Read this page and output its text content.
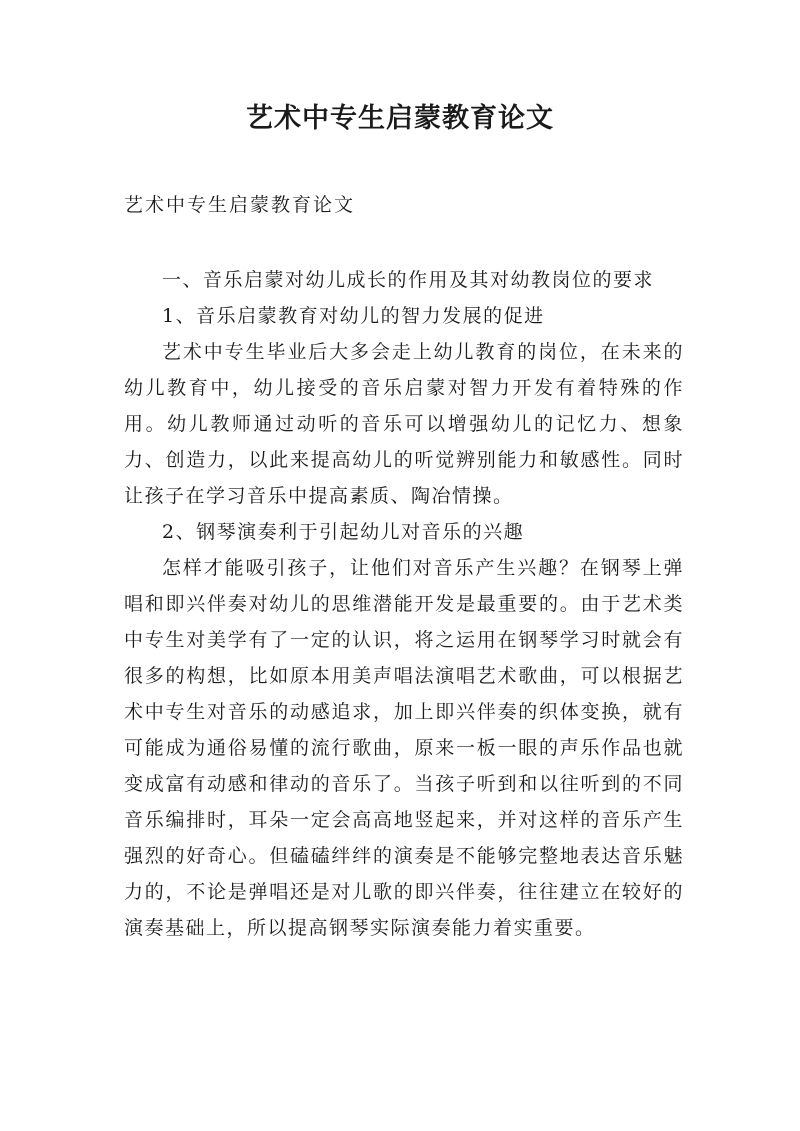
艺术中专生启蒙教育论文

艺术中专生启蒙教育论文

一、音乐启蒙对幼儿成长的作用及其对幼教岗位的要求

1、音乐启蒙教育对幼儿的智力发展的促进

艺术中专生毕业后大多会走上幼儿教育的岗位，在未来的幼儿教育中，幼儿接受的音乐启蒙对智力开发有着特殊的作用。幼儿教师通过动听的音乐可以增强幼儿的记忆力、想象力、创造力，以此来提高幼儿的听觉辨别能力和敏感性。同时让孩子在学习音乐中提高素质、陶冶情操。

2、钢琴演奏利于引起幼儿对音乐的兴趣

怎样才能吸引孩子，让他们对音乐产生兴趣？在钢琴上弹唱和即兴伴奏对幼儿的思维潜能开发是最重要的。由于艺术类中专生对美学有了一定的认识，将之运用在钢琴学习时就会有很多的构想，比如原本用美声唱法演唱艺术歌曲，可以根据艺术中专生对音乐的动感追求，加上即兴伴奏的织体变换，就有可能成为通俗易懂的流行歌曲，原来一板一眼的声乐作品也就变成富有动感和律动的音乐了。当孩子听到和以往听到的不同音乐编排时，耳朵一定会高高地竖起来，并对这样的音乐产生强烈的好奇心。但磕磕绊绊的演奏是不能够完整地表达音乐魅力的，不论是弹唱还是对儿歌的即兴伴奏，往往建立在较好的演奏基础上，所以提高钢琴实际演奏能力着实重要。
